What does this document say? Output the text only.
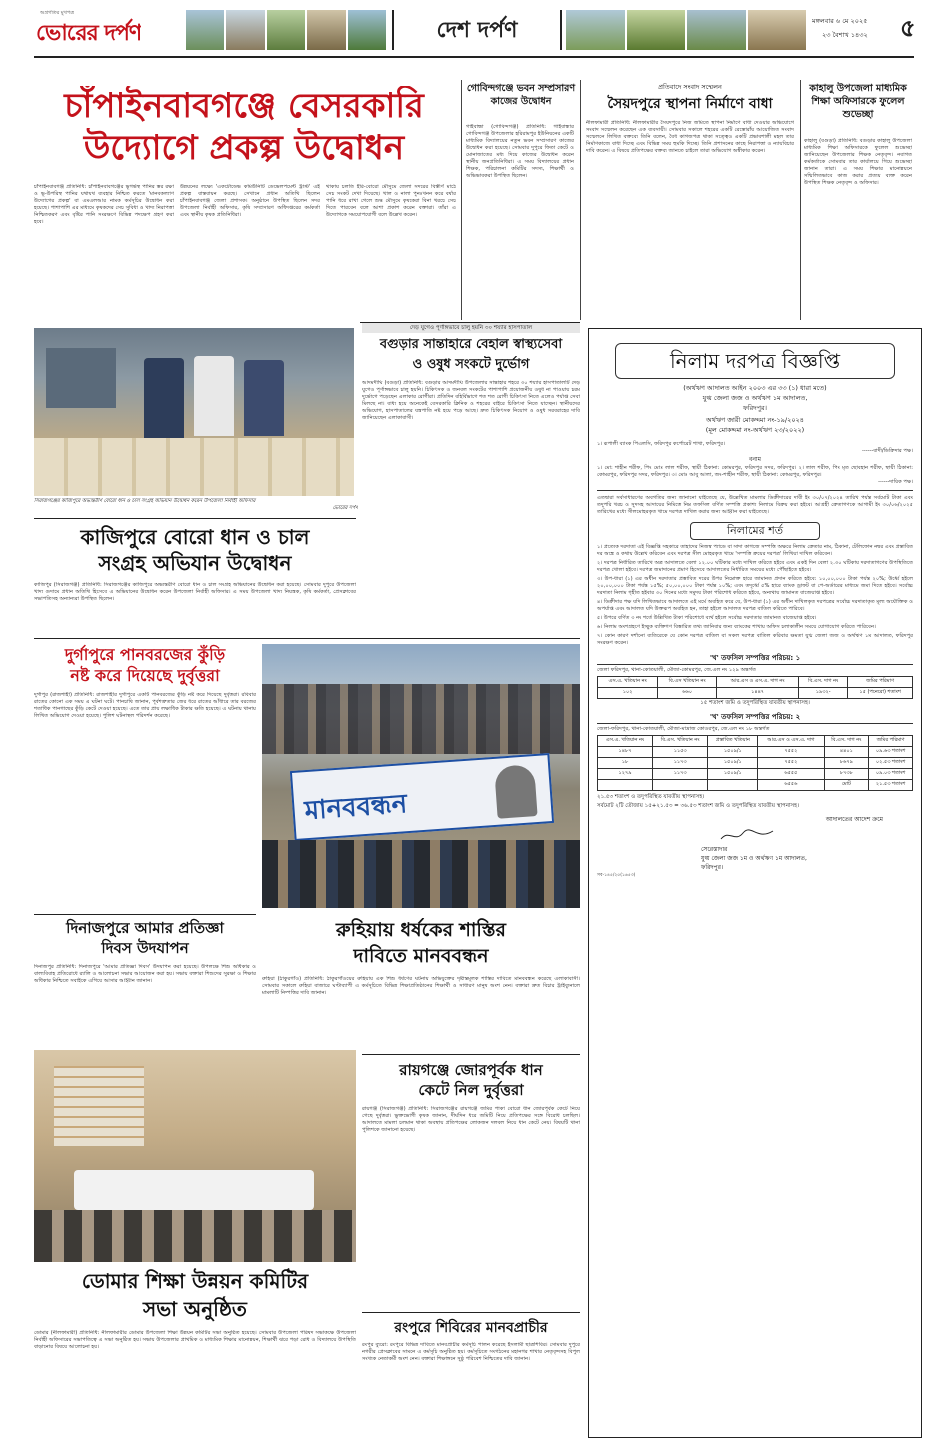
অগ্রগতির মুখপত্র
ভোরের দর্পণ	দেশ দর্পণ	মঙ্গলবার ৬ মে ২০২৫
২৩ বৈশাখ ১৪৩২ ৫
চাঁপাইনবাবগঞ্জে বেসরকারি
উদ্যোগে প্রকল্প উদ্বোধন
চাঁপাইনবাবগঞ্জ প্রতিনিধি: চাঁপাইনবাবগঞ্জের ভূগর্ভস্থ পানির স্তর রক্ষা ও ভূ-উপরিস্থ পানির যথাযথ ব্যবহার নিশ্চিত করতে 'মানবকল্যাণ উদ্যোগের প্রকল্প' বা এমএলআর নামক কর্মসূচির উদ্বোধন করা হয়েছে। পাশাপাশি এর মাধ্যমে কৃষকদের সেচ সুবিধা ও খাদ্য নিরাপত্তা নিশ্চিতকরণ এবং বৃষ্টির পানি সংরক্ষণে বিভিন্ন পদক্ষেপ গ্রহণ করা হবে।
উন্নয়নের লক্ষ্যে 'একটোডেভ কমিউনিটি ডেভেলপমেন্ট ট্রাস্ট' এই প্রকল্প বাস্তবায়ন করছে। সেখানে প্রধান অতিথি ছিলেন চাঁপাইনবাবগঞ্জ জেলা প্রশাসক। অনুষ্ঠানে উপস্থিত ছিলেন সদর উপজেলা নির্বাহী অফিসার, কৃষি সম্প্রসারণ অধিদপ্তরের কর্মকর্তা এবং স্থানীয় কৃষক প্রতিনিধিরা।
থাকায় চলতি ইরি-বোরো মৌসুমে জেলা সদরের বিস্তীর্ণ মাঠে সেচ সংকট দেখা দিয়েছে। খাল ও নালা পুনঃখনন করে বর্ষার পানি ধরে রাখা গেলে শুষ্ক মৌসুমে কৃষকেরা বিনা খরচে সেচ দিতে পারবেন বলে আশা প্রকাশ করেন বক্তারা। তাঁরা এ উদ্যোগকে সময়োপযোগী বলে উল্লেখ করেন।
সিরাজগঞ্জের কাজিপুরে অভ্যন্তরীণ বোরো ধান ও চাল সংগ্রহ অভিযান উদ্বোধন করেন উপজেলা নির্বাহী অফিসার
ভোরের দর্পণ
গোবিন্দগঞ্জে ভবন সম্প্রসারণ কাজের উদ্বোধন
গাইবান্ধা (গোবিন্দগঞ্জ) প্রতিনিধি: গাইবান্ধার গোবিন্দগঞ্জ উপজেলার হরিরামপুর ইউনিয়নের একটি মাধ্যমিক বিদ্যালয়ের নতুন ভবন সম্প্রসারণ কাজের উদ্বোধন করা হয়েছে। সোমবার দুপুরে ফিতা কেটে ও মোনাজাতের মধ্য দিয়ে কাজের উদ্বোধন করেন স্থানীয় জনপ্রতিনিধিরা। এ সময় বিদ্যালয়ের প্রধান শিক্ষক, পরিচালনা কমিটির সদস্য, শিক্ষার্থী ও অভিভাবকরা উপস্থিত ছিলেন।
প্রতিবাদে সংবাদ সম্মেলন
সৈয়দপুরে স্থাপনা নির্মাণে বাধা
নীলফামারী প্রতিনিধি: নীলফামারীর সৈয়দপুরে নিজ জমিতে স্থাপনা নির্মাণে বাধা দেওয়ার অভিযোগে সংবাদ সম্মেলন করেছেন এক ব্যবসায়ী। সোমবার সকালে শহরের একটি রেস্তোরাঁয় আয়োজিত সংবাদ সম্মেলনে লিখিত বক্তব্যে তিনি বলেন, বৈধ কাগজপত্র থাকা সত্ত্বেও একটি প্রভাবশালী মহল তার নির্মাণকাজে বাধা দিচ্ছে এবং বিভিন্ন সময় হুমকি দিচ্ছে। তিনি প্রশাসনের কাছে নিরাপত্তা ও ন্যায়বিচার দাবি করেন। এ বিষয়ে প্রতিপক্ষের বক্তব্য জানতে চাইলে তারা অভিযোগ অস্বীকার করেন।
কাহালু উপজেলা মাধ্যমিক শিক্ষা অফিসারকে ফুলেল শুভেচ্ছা
কাহালু (বগুড়া) প্রতিনিধি: বগুড়ার কাহালু উপজেলা মাধ্যমিক শিক্ষা অফিসারকে ফুলেল শুভেচ্ছা জানিয়েছেন উপজেলার শিক্ষক নেতৃবৃন্দ। নবাগত কর্মকর্তাকে সোমবার তার কার্যালয়ে গিয়ে শুভেচ্ছা জানান তারা। এ সময় শিক্ষার মানোন্নয়নে সম্মিলিতভাবে কাজ করার প্রত্যয় ব্যক্ত করেন উপস্থিত শিক্ষক নেতৃবৃন্দ ও অফিসার।
দেড় যুগেও পূর্ণাঙ্গভাবে চালু হয়নি ৩০ শয্যার হাসপাতাল
বগুড়ার সান্তাহারে বেহাল স্বাস্থ্যসেবা
ও ওষুধ সংকটে দুর্ভোগ
আদমদীঘি (বগুড়া) প্রতিনিধি: বগুড়ার আদমদীঘি উপজেলার সান্তাহার শহরে ৩০ শয্যার হাসপাতালটি দেড় যুগেও পূর্ণাঙ্গভাবে চালু হয়নি। চিকিৎসক ও জনবল সংকটের পাশাপাশি প্রয়োজনীয় ওষুধ না পাওয়ায় চরম দুর্ভোগে পড়েছেন এলাকার রোগীরা। প্রতিদিন বহির্বিভাগে শত শত রোগী চিকিৎসা নিতে এলেও পর্যাপ্ত সেবা মিলছে না। বাধ্য হয়ে অনেকেই বেসরকারি ক্লিনিক ও শহরের বাইরে চিকিৎসা নিতে যাচ্ছেন। স্থানীয়দের অভিযোগ, হাসপাতালের যন্ত্রপাতি নষ্ট হয়ে পড়ে আছে। দ্রুত চিকিৎসক নিয়োগ ও ওষুধ সরবরাহের দাবি জানিয়েছেন এলাকাবাসী।
কাজিপুরে বোরো ধান ও চাল
সংগ্রহ অভিযান উদ্বোধন
কাজিপুর (সিরাজগঞ্জ) প্রতিনিধি: সিরাজগঞ্জের কাজিপুরে অভ্যন্তরীণ বোরো ধান ও চাল সংগ্রহ অভিযানের উদ্বোধন করা হয়েছে। সোমবার দুপুরে উপজেলা খাদ্য গুদামে প্রধান অতিথি হিসেবে এ অভিযানের উদ্বোধন করেন উপজেলা নির্বাহী অফিসার। এ সময় উপজেলা খাদ্য নিয়ন্ত্রক, কৃষি কর্মকর্তা, প্রেসক্লাবের সভাপতিসহ অন্যান্যরা উপস্থিত ছিলেন।
দুর্গাপুরে পানবরজের কুঁড়ি
নষ্ট করে দিয়েছে দুর্বৃত্তরা
দুর্গাপুর (রাজশাহী) প্রতিনিধি: রাজশাহীর দুর্গাপুরে একটি পানবরজের কুঁড়ি নষ্ট করে দিয়েছে দুর্বৃত্তরা। রবিবার রাতের কোনো এক সময় এ ঘটনা ঘটে। পানচাষি জানান, পূর্বশত্রুতার জের ধরে রাতের আঁধারে তার বরজের শতাধিক পানগাছের কুঁড়ি কেটে দেওয়া হয়েছে। এতে তার প্রায় লক্ষাধিক টাকার ক্ষতি হয়েছে। এ ঘটনায় থানায় লিখিত অভিযোগ দেওয়া হয়েছে। পুলিশ ঘটনাস্থল পরিদর্শন করেছে।
মানববন্ধন
দিনাজপুরে আমার প্রতিজ্ঞা
দিবস উদযাপন
দিনাজপুর প্রতিনিধি: দিনাজপুরে 'আমার প্রতিজ্ঞা দিবস' উদযাপন করা হয়েছে। উপলক্ষে শিশু অধিকার ও বাল্যবিবাহ প্রতিরোধে র‍্যালি ও আলোচনা সভার আয়োজন করা হয়। সভায় বক্তারা শিশুদের সুরক্ষা ও শিক্ষার অধিকার নিশ্চিতে সবাইকে এগিয়ে আসার আহ্বান জানান।
রুহিয়ায় ধর্ষকের শাস্তির
দাবিতে মানববন্ধন
রুহিয়া (ঠাকুরগাঁও) প্রতিনিধি: ঠাকুরগাঁওয়ের রুহিয়ায় এক শিশু ধর্ষণের ঘটনায় অভিযুক্তের দৃষ্টান্তমূলক শাস্তির দাবিতে মানববন্ধন করেছে এলাকাবাসী। সোমবার সকালে রুহিয়া বাজারে ঘণ্টাব্যাপী এ কর্মসূচিতে বিভিন্ন শিক্ষাপ্রতিষ্ঠানের শিক্ষার্থী ও সাধারণ মানুষ অংশ নেন। বক্তারা দ্রুত বিচার ট্রাইব্যুনালে মামলাটি নিষ্পত্তির দাবি জানান।
ডোমার শিক্ষা উন্নয়ন কমিটির
সভা অনুষ্ঠিত
ডোমার (নীলফামারী) প্রতিনিধি: নীলফামারীর ডোমার উপজেলা শিক্ষা উন্নয়ন কমিটির সভা অনুষ্ঠিত হয়েছে। সোমবার উপজেলা পরিষদ সভাকক্ষে উপজেলা নির্বাহী অফিসারের সভাপতিত্বে এ সভা অনুষ্ঠিত হয়। সভায় উপজেলার প্রাথমিক ও মাধ্যমিক শিক্ষার মানোন্নয়ন, শিক্ষার্থী ঝরে পড়া রোধ ও বিদ্যালয়ে উপস্থিতি বাড়ানোর বিষয়ে আলোচনা হয়।
রায়গঞ্জে জোরপূর্বক ধান
কেটে নিল দুর্বৃত্তরা
রায়গঞ্জ (সিরাজগঞ্জ) প্রতিনিধি: সিরাজগঞ্জের রায়গঞ্জে জমির পাকা বোরো ধান জোরপূর্বক কেটে নিয়ে গেছে দুর্বৃত্তরা। ভুক্তভোগী কৃষক জানান, দীর্ঘদিন ধরে জমিটি নিয়ে প্রতিপক্ষের সঙ্গে বিরোধ চলছিল। আদালতে মামলা চলমান থাকা অবস্থায় প্রতিপক্ষের লোকজন দলবল নিয়ে ধান কেটে নেয়। বিষয়টি থানা পুলিশকে জানানো হয়েছে।
রংপুরে শিবিরের মানবপ্রাচীর
রংপুর ব্যুরো: রংপুরে বিভিন্ন দাবিতে মানবপ্রাচীর কর্মসূচি পালন করেছে ইসলামী ছাত্রশিবির। সোমবার দুপুরে নগরীর প্রেসক্লাবের সামনে এ কর্মসূচি অনুষ্ঠিত হয়। কর্মসূচিতে সংগঠনের মহানগর শাখার নেতৃবৃন্দসহ বিপুল সংখ্যক নেতাকর্মী অংশ নেন। বক্তারা শিক্ষাঙ্গনে সুষ্ঠু পরিবেশ নিশ্চিতের দাবি জানান।
নিলাম দরপত্র বিজ্ঞপ্তি
(অর্থঋণ আদালত আইন ২০০৩ এর ৩৩ (১) ধারা মতে)
যুগ্ম জেলা জজ ও অর্থঋণ ১ম আদালত,
ফরিদপুর।
অর্থঋণ জারী মোকদ্দমা নং-১৯/২০২৪
(মূল মোকদ্দমা নং-অর্থঋণ ২৩/২০২২)
১। রূপালী ব্যাংক পিএলসি, ফরিদপুর কর্পোরেট শাখা, ফরিদপুর।
------বাদী/ডিক্রিদার পক্ষ।
বনাম
১। মো: শাহীন শরীফ, পিং মোঃ লাল শরীফ, স্থায়ী ঠিকানা: কোমরপুর, ফরিদপুর সদর, ফরিদপুর। ২। লাল শরীফ, পিং মৃত ছোবহান শরীফ, স্থায়ী ঠিকানা: কোমরপুর, ফরিদপুর সদর, ফরিদপুর। ৩। মোঃ আবু আলা, জং-শাহীন শরীফ, স্থায়ী ঠিকানা: কোমরপুর, ফরিদপুর।
------দায়িক পক্ষ।
এতদ্বারা সর্বসাধারণের অবগতির জন্য জানানো যাইতেছে যে, উল্লেখিত মামলার ডিক্রীদারের দাবী ইং ৩০/০৭/২০২৪ তারিখ পর্যন্ত সর্বমোট টাকা এবং তদুপরি খরচ ও সুদসহ আদায়ের নিমিত্তে নিম্ন তফসিল বর্ণিত সম্পত্তি প্রকাশ্য নিলামে বিক্রয় করা হইবে। আগ্রহী ক্রেতাগণকে আগামী ইং ৩০/০৬/২০২৫ তারিখের মধ্যে সীলমোহরকৃত খামে দরপত্র দাখিল করার জন্য আহ্বান করা যাইতেছে।
নিলামের শর্ত
১। প্রত্যেক দরদাতা এই বিজ্ঞপ্তি সহকারে তাহাদের নিজস্ব প্যাডে বা সাদা কাগজে সম্পত্তি অক্ষরে নিলাম ক্রেতার নাম, ঠিকানা, টেলিফোন নম্বর এবং প্রস্তাবিত দর অঙ্কে ও কথায় উল্লেখ করিবেন এবং দরপত্র সীল মোহরকৃত খামে 'সম্পত্তি ক্রয়ের দরপত্র' লিখিয়া দাখিল করিবেন।
২। দরপত্র নির্ধারিত তারিখে অত্র আদালতে বেলা ১২.০০ ঘটিকার মধ্যে দাখিল করিতে হইবে এবং একই দিন বেলা ২.৩০ ঘটিকায় দরদাতাগণের উপস্থিতিতে দরপত্র খোলা হইবে। দরপত্র জমাদানের প্রমাণ হিসেবে আদালতের নির্ধারিত সময়ের মধ্যে পৌঁছাইতে হইবে।
৩। উপ-ধারা (১) এর অধীন দরদাতার প্রস্তাবিত দরের উপর নিম্নোক্ত হারে জামানত প্রদান করিতে হইবে: ১০,০০,০০০ টাকা পর্যন্ত ২০%; উর্ধ্বে হইলে ২০,০০,০০০ টাকা পর্যন্ত ১৫%; ৫০,০০,০০০ টাকা পর্যন্ত ১০%; এবং তদূর্ধ্বে ৫% হারে ব্যাংক ড্রাফট বা পে-অর্ডারের মাধ্যমে জমা দিতে হইবে। সর্বোচ্চ দরদাতা নিলাম গৃহীত হইবার ৩০ দিনের মধ্যে সমুদয় টাকা পরিশোধ করিতে হইবে, অন্যথায় জামানত বাজেয়াপ্ত হইবে।
৪। ডিক্রীদার পক্ষ যদি লিখিতভাবে আদালতে এই মর্মে অবহিত করে যে, উপ-ধারা (১) এর অধীন দাখিলকৃত দরপত্রের সর্বোচ্চ দরদাতাকৃত মূল্য অযৌক্তিক ও অপর্যাপ্ত এবং আদালত যদি উক্তরূপ অবহিত হন, তাহা হইলে আদালত দরপত্র বাতিল করিতে পারিবে।
৫। উপরে বর্ণিত ৩ নং শর্তে উল্লিখিত টাকা পরিশোধে ব্যর্থ হইলে সর্বোচ্চ দরদাতার জামানত বাজেয়াপ্ত হইবে।
৬। নিলাম অংশগ্রহণে ইচ্ছুক ব্যক্তিগণ বিস্তারিত তথ্য জানিবার জন্য ব্যাংকের শাখায় অফিস চলাকালীন সময়ে যোগাযোগ করিতে পারিবেন।
৭। কোন কারণ দর্শানো ব্যতিরেকে যে কোন দরপত্র বাতিল বা সকল দরপত্র বাতিল করিবার ক্ষমতা যুগ্ম জেলা জজ ও অর্থঋণ ১ম আদালত, ফরিদপুর সংরক্ষণ করেন।
'খ' তফসিল সম্পত্তির পরিচয়: ১
জেলা ফরিদপুর, থানা-কোতয়ালী, মৌজা-কোমরপুর, জে.এল নং ১২৯ অন্তর্গত
এস.এ. খতিয়ান নং	বি.এস খতিয়ান নং	আর.এস ও এস.এ. দাগ নং	বি.এস. দাগ নং	জমির পরিমাণ
১০২	৬৬০	১৪৪৭	১৯৩২-	১৫ (পনেরো) শতাংশ
১৫ শতাংশ জমি ও তদুপরিস্থিত যাবতীয় স্থাপনাসহ।
'খ' তফসিল সম্পত্তির পরিচয়: ২
জেলা-ফরিদপুর, থানা-কোতয়ালী, মৌজা-মাদ্রাজ কোওরপুর, জে.এল নং ১৮ অন্তর্গত
এস.এ. খতিয়ান নং	বি.এস. খতিয়ান নং	প্রস্তাবিত খতিয়ান	আর.এস ও এস.এ. দাগ	বি.এস. দাগ নং	জমির পরিমাণ
১৪৮৭	১১৫৩	১৫০৯/১	৭৫৫২	৪৪০১	০৯.৬৩ শতাংশ
১৮	১১৭৩	১৫০৯/১	৭৫৫২	৮৬৭৯	০২.৫৩ শতাংশ
১২৭৯	১১৭৩	১৫০৯/১	৬৫৫৫	৮৭৩৮	০৯.০৩ শতাংশ
			৬৫৫৬	মোট	২১.৫৩ শতাংশ
২১.৫৩ শতাংশ ও তদুপরিস্থিত যাবতীয় স্থাপনাসহ।
সর্বমোট ২টি তৌজায় ১৫+২১.৫৩ = ৩৬.৫৩ শতাংশ জমি ও তদুপরিস্থিত যাবতীয় স্থাপনাসহ।
আদালতের আদেশ ক্রমে
সেরেস্তাদার
যুগ্ম জেলা জজ ১ম ও অর্থঋণ ১ম আদালত,
ফরিদপুর।
সব-১৪৫/২৫(১৬৫৩)
